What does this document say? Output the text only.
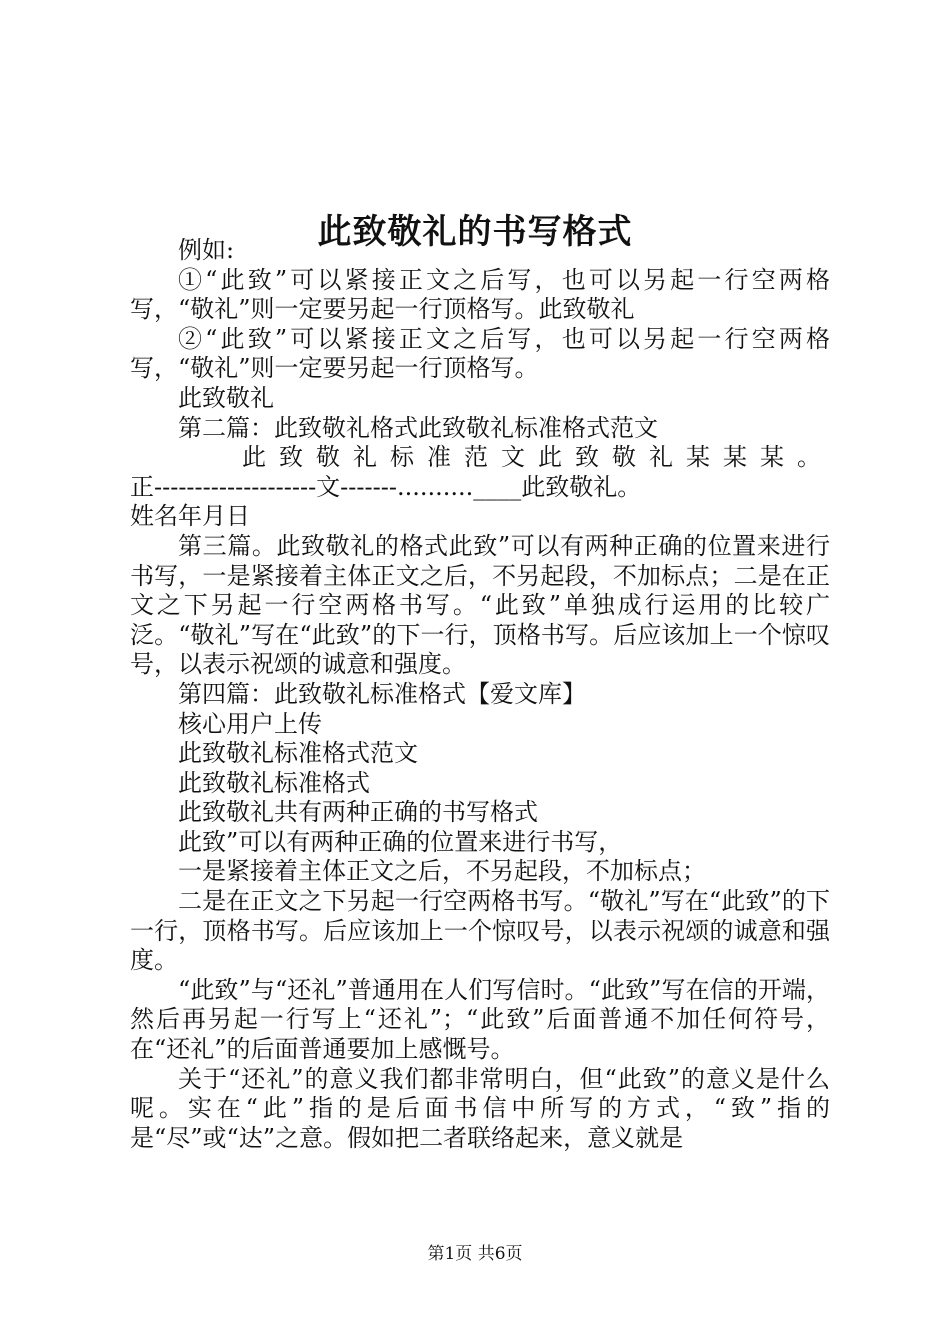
此致敬礼的书写格式

例如:

①“此致”可以紧接正文之后写，也可以另起一行空两格写，“敬礼”则一定要另起一行顶格写。此致敬礼

②“此致”可以紧接正文之后写，也可以另起一行空两格写，“敬礼”则一定要另起一行顶格写。

此致敬礼

第二篇：此致敬礼格式此致敬礼标准格式范文

此致敬礼标准范文此致敬礼某某某。

正--------------------文-------..........____此致敬礼。

姓名年月日

第三篇。此致敬礼的格式此致”可以有两种正确的位置来进行书写，一是紧接着主体正文之后，不另起段，不加标点；二是在正文之下另起一行空两格书写。“此致”单独成行运用的比较广泛。“敬礼”写在“此致”的下一行，顶格书写。后应该加上一个惊叹号，以表示祝颂的诚意和强度。

第四篇：此致敬礼标准格式【爱文库】

核心用户上传

此致敬礼标准格式范文

此致敬礼标准格式

此致敬礼共有两种正确的书写格式

此致”可以有两种正确的位置来进行书写，

一是紧接着主体正文之后，不另起段，不加标点；

二是在正文之下另起一行空两格书写。“敬礼”写在“此致”的下一行，顶格书写。后应该加上一个惊叹号，以表示祝颂的诚意和强度。

“此致”与“还礼”普通用在人们写信时。“此致”写在信的开端，然后再另起一行写上“还礼”；“此致”后面普通不加任何符号，在“还礼”的后面普通要加上感慨号。

关于“还礼”的意义我们都非常明白，但“此致”的意义是什么呢。实在“此”指的是后面书信中所写的方式，“致”指的是“尽”或“达”之意。假如把二者联络起来，意义就是

第1页 共6页
